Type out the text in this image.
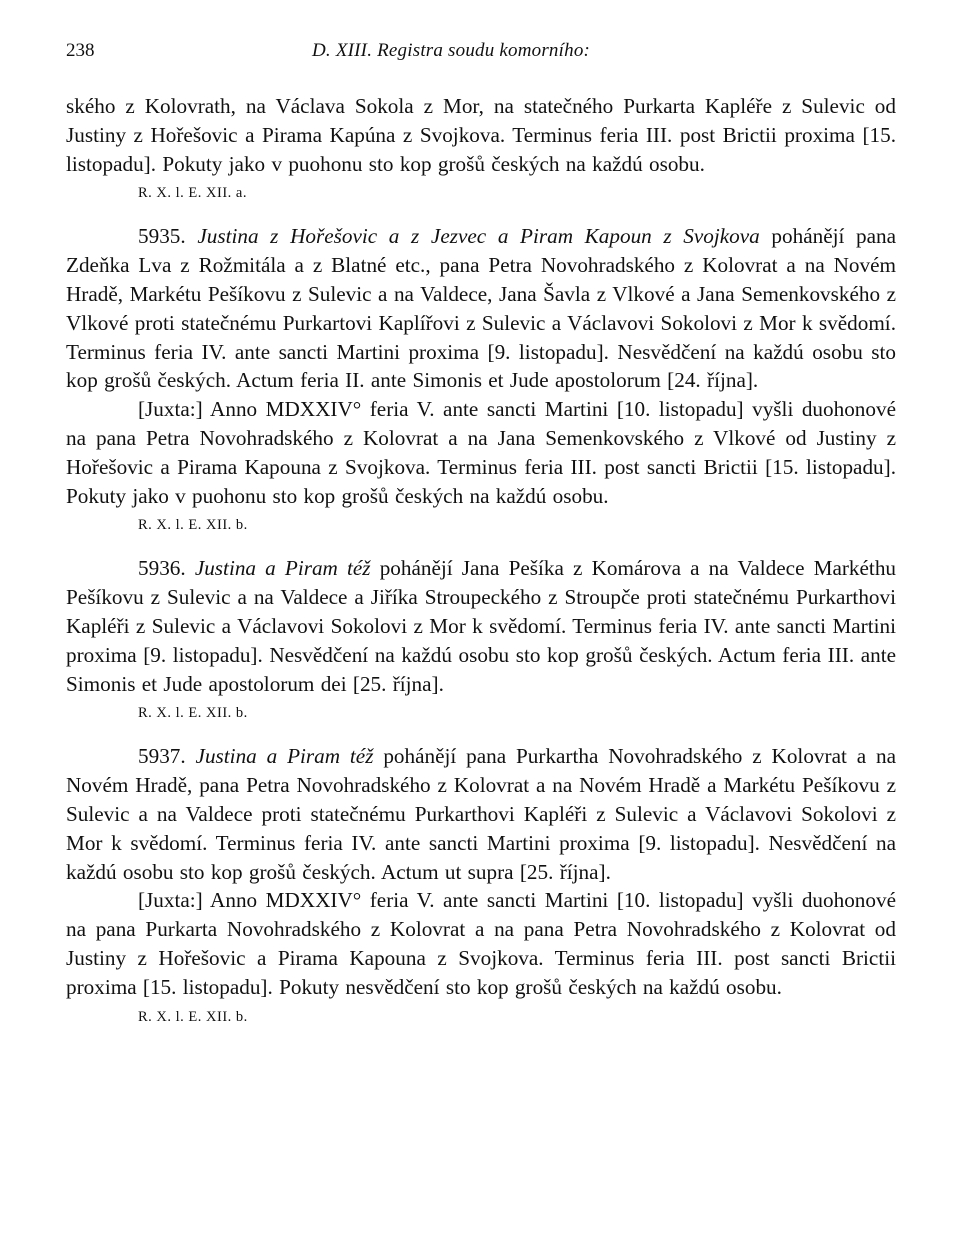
238	D. XIII. Registra soudu komorního:

ského z Kolovrath, na Václava Sokola z Mor, na statečného Purkarta Kapléře z Sulevic od Justiny z Hořešovic a Pirama Kapúna z Svojkova. Terminus feria III. post Brictii proxima [15. listopadu]. Pokuty jako v puohonu sto kop grošů českých na každú osobu.

R. X. l. E. XII. a.

5935. Justina z Hořešovic a z Jezvec a Piram Kapoun z Svojkova pohánějí pana Zdeňka Lva z Rožmitála a z Blatné etc., pana Petra Novohradského z Kolovrat a na Novém Hradě, Markétu Pešíkovu z Sulevic a na Valdece, Jana Šavla z Vlkové a Jana Semenkovského z Vlkové proti statečnému Purkartovi Kaplířovi z Sulevic a Václavovi Sokolovi z Mor k svědomí. Terminus feria IV. ante sancti Martini proxima [9. listopadu]. Nesvědčení na každú osobu sto kop grošů českých. Actum feria II. ante Simonis et Jude apostolorum [24. října].

[Juxta:] Anno MDXXIV° feria V. ante sancti Martini [10. listopadu] vyšli duohonové na pana Petra Novohradského z Kolovrat a na Jana Semenkovského z Vlkové od Justiny z Hořešovic a Pirama Kapouna z Svojkova. Terminus feria III. post sancti Brictii [15. listopadu]. Pokuty jako v puohonu sto kop grošů českých na každú osobu.

R. X. l. E. XII. b.

5936. Justina a Piram též pohánějí Jana Pešíka z Komárova a na Valdece Markéthu Pešíkovu z Sulevic a na Valdece a Jiříka Stroupeckého z Stroupče proti statečnému Purkarthovi Kapléři z Sulevic a Václavovi Sokolovi z Mor k svědomí. Terminus feria IV. ante sancti Martini proxima [9. listopadu]. Nesvědčení na každú osobu sto kop grošů českých. Actum feria III. ante Simonis et Jude apostolorum dei [25. října].

R. X. l. E. XII. b.

5937. Justina a Piram též pohánějí pana Purkartha Novohradského z Kolovrat a na Novém Hradě, pana Petra Novohradského z Kolovrat a na Novém Hradě a Markétu Pešíkovu z Sulevic a na Valdece proti statečnému Purkarthovi Kapléři z Sulevic a Václavovi Sokolovi z Mor k svědomí. Terminus feria IV. ante sancti Martini proxima [9. listopadu]. Nesvědčení na každú osobu sto kop grošů českých. Actum ut supra [25. října].

[Juxta:] Anno MDXXIV° feria V. ante sancti Martini [10. listopadu] vyšli duohonové na pana Purkarta Novohradského z Kolovrat a na pana Petra Novohradského z Kolovrat od Justiny z Hořešovic a Pirama Kapouna z Svojkova. Terminus feria III. post sancti Brictii proxima [15. listopadu]. Pokuty nesvědčení sto kop grošů českých na každú osobu.

R. X. l. E. XII. b.
